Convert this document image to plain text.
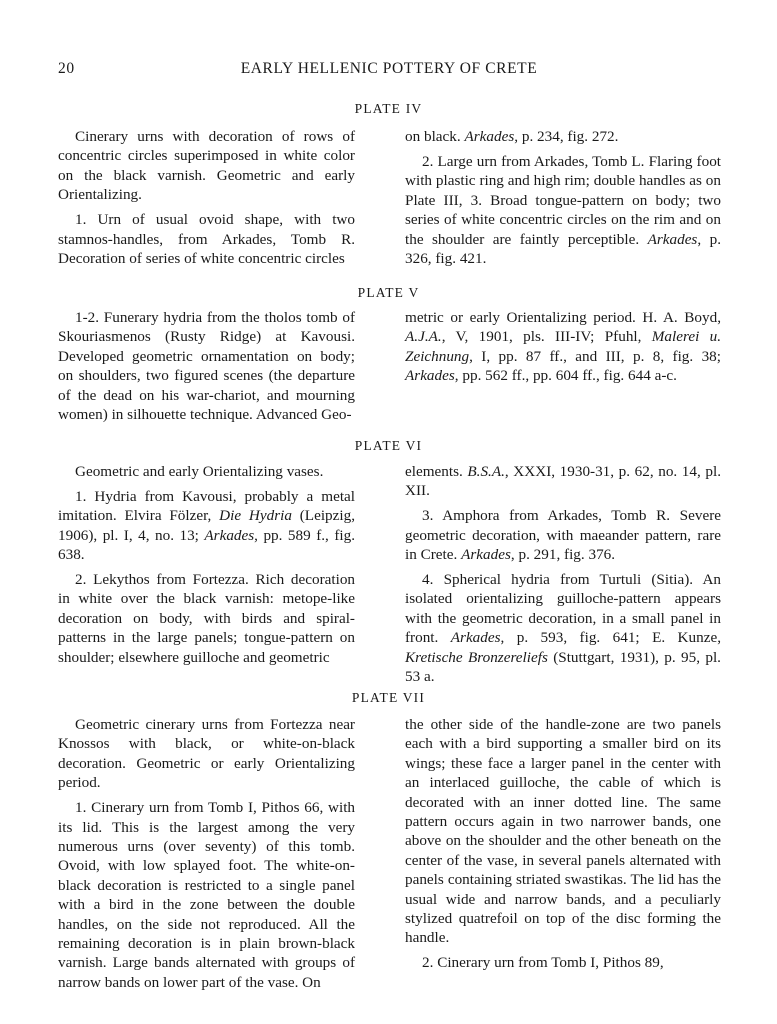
20	EARLY HELLENIC POTTERY OF CRETE
PLATE IV

Cinerary urns with decoration of rows of concentric circles superimposed in white color on the black varnish. Geometric and early Orientalizing.

1. Urn of usual ovoid shape, with two stamnos-handles, from Arkades, Tomb R. Decoration of series of white concentric circles

on black. Arkades, p. 234, fig. 272.

2. Large urn from Arkades, Tomb L. Flaring foot with plastic ring and high rim; double handles as on Plate III, 3. Broad tongue-pattern on body; two series of white concentric circles on the rim and on the shoulder are faintly perceptible. Arkades, p. 326, fig. 421.

PLATE V

1-2. Funerary hydria from the tholos tomb of Skouriasmenos (Rusty Ridge) at Kavousi. Developed geometric ornamentation on body; on shoulders, two figured scenes (the departure of the dead on his war-chariot, and mourning women) in silhouette technique. Advanced Geo-

metric or early Orientalizing period. H. A. Boyd, A.J.A., V, 1901, pls. III-IV; Pfuhl, Malerei u. Zeichnung, I, pp. 87 ff., and III, p. 8, fig. 38; Arkades, pp. 562 ff., pp. 604 ff., fig. 644 a-c.

PLATE VI

Geometric and early Orientalizing vases.

1. Hydria from Kavousi, probably a metal imitation. Elvira Fölzer, Die Hydria (Leipzig, 1906), pl. I, 4, no. 13; Arkades, pp. 589 f., fig. 638.

2. Lekythos from Fortezza. Rich decoration in white over the black varnish: metope-like decoration on body, with birds and spiral-patterns in the large panels; tongue-pattern on shoulder; elsewhere guilloche and geometric

elements. B.S.A., XXXI, 1930-31, p. 62, no. 14, pl. XII.

3. Amphora from Arkades, Tomb R. Severe geometric decoration, with maeander pattern, rare in Crete. Arkades, p. 291, fig. 376.

4. Spherical hydria from Turtuli (Sitia). An isolated orientalizing guilloche-pattern appears with the geometric decoration, in a small panel in front. Arkades, p. 593, fig. 641; E. Kunze, Kretische Bronzereliefs (Stuttgart, 1931), p. 95, pl. 53 a.

PLATE VII

Geometric cinerary urns from Fortezza near Knossos with black, or white-on-black decoration. Geometric or early Orientalizing period.

1. Cinerary urn from Tomb I, Pithos 66, with its lid. This is the largest among the very numerous urns (over seventy) of this tomb. Ovoid, with low splayed foot. The white-on-black decoration is restricted to a single panel with a bird in the zone between the double handles, on the side not reproduced. All the remaining decoration is in plain brown-black varnish. Large bands alternated with groups of narrow bands on lower part of the vase. On

the other side of the handle-zone are two panels each with a bird supporting a smaller bird on its wings; these face a larger panel in the center with an interlaced guilloche, the cable of which is decorated with an inner dotted line. The same pattern occurs again in two narrower bands, one above on the shoulder and the other beneath on the center of the vase, in several panels alternated with panels containing striated swastikas. The lid has the usual wide and narrow bands, and a peculiarly stylized quatrefoil on top of the disc forming the handle.

2. Cinerary urn from Tomb I, Pithos 89,
